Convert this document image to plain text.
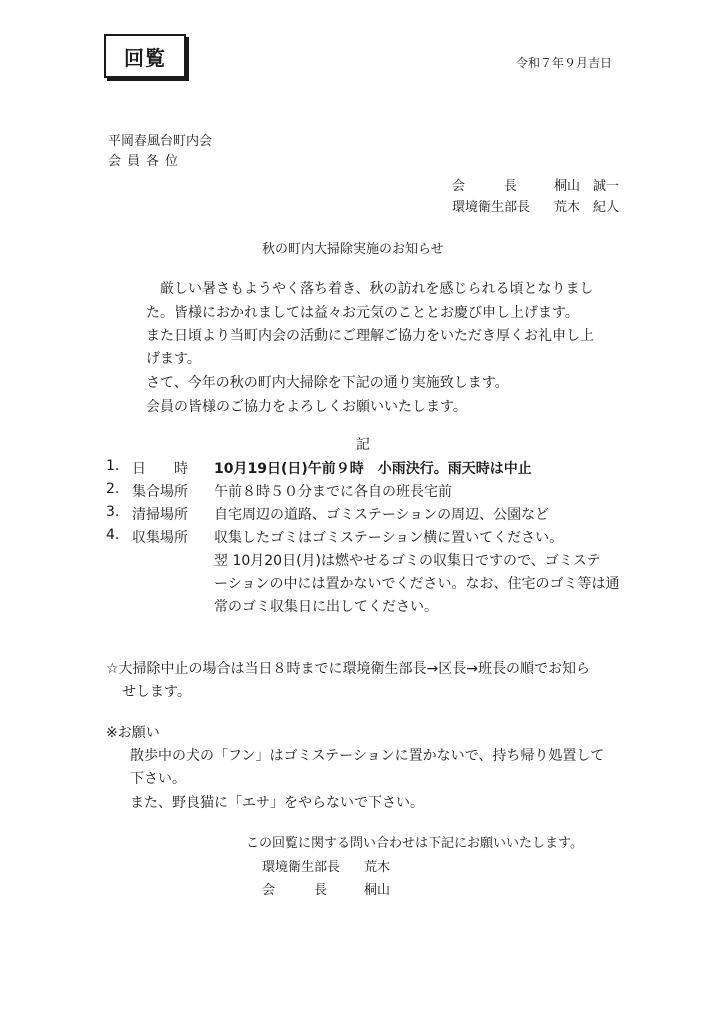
回覧	令和７年９月吉日
平岡春風台町内会
会員各位
会　　　長	桐山　誠一
環境衛生部長 荒木　紀人
秋の町内大掃除実施のお知らせ
　厳しい暑さもようやく落ち着き、秋の訪れを感じられる頃となりまし
た。皆様におかれましては益々お元気のこととお慶び申し上げます。
また日頃より当町内会の活動にご理解ご協力をいただき厚くお礼申し上
げます。
さて、今年の秋の町内大掃除を下記の通り実施致します。
会員の皆様のご協力をよろしくお願いいたします。
記
1. 日　　時 10月19日(日)午前９時　小雨決行。雨天時は中止
2. 集合場所 午前８時５０分までに各自の班長宅前
3. 清掃場所 自宅周辺の道路、ゴミステーションの周辺、公園など
4. 収集場所 収集したゴミはゴミステーション横に置いてください。
翌 10月20日(月)は燃やせるゴミの収集日ですので、ゴミステ
ーションの中には置かないでください。なお、住宅のゴミ等は通
常のゴミ収集日に出してください。
☆大掃除中止の場合は当日８時までに環境衛生部長→区長→班長の順でお知ら
せします。
※お願い
散歩中の犬の「フン」はゴミステーションに置かないで、持ち帰り処置して
下さい。
また、野良猫に「エサ」をやらないで下さい。
この回覧に関する問い合わせは下記にお願いいたします。
環境衛生部長 荒木
会　　　長	桐山
